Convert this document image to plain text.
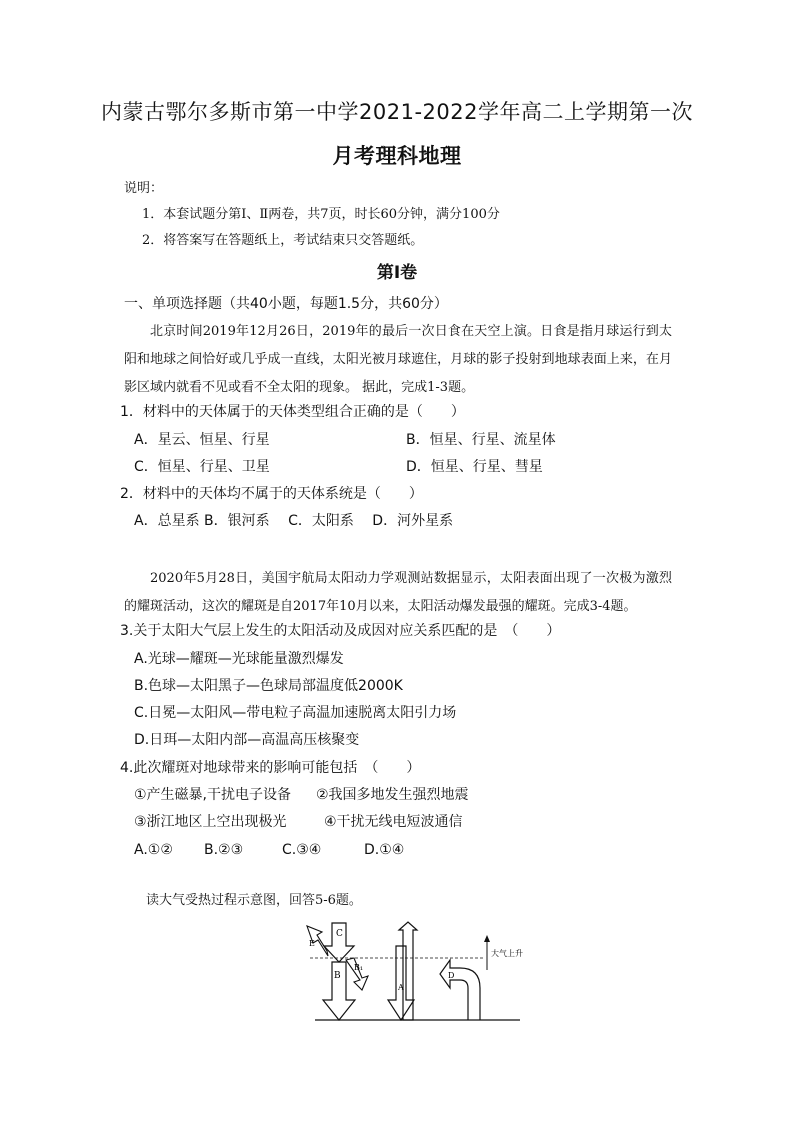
内蒙古鄂尔多斯市第一中学2021-2022学年高二上学期第一次
月考理科地理
说明：
1．本套试题分第Ⅰ、Ⅱ两卷，共7页，时长60分钟，满分100分
2．将答案写在答题纸上，考试结束只交答题纸。
第Ⅰ卷
一、单项选择题（共40小题，每题1.5分，共60分）
北京时间2019年12月26日，2019年的最后一次日食在天空上演。日食是指月球运行到太阳和地球之间恰好或几乎成一直线，太阳光被月球遮住，月球的影子投射到地球表面上来，在月影区域内就看不见或看不全太阳的现象。 据此，完成1-3题。
1．材料中的天体属于的天体类型组合正确的是（　　）
A．星云、恒星、行星	B．恒星、行星、流星体
C．恒星、行星、卫星	D．恒星、行星、彗星
2．材料中的天体均不属于的天体系统是（　　）
A．总星系 B．银河系　 C．太阳系　 D．河外星系
2020年5月28日，美国宇航局太阳动力学观测站数据显示，太阳表面出现了一次极为激烈的耀斑活动，这次的耀斑是自2017年10月以来，太阳活动爆发最强的耀斑。完成3-4题。
3.关于太阳大气层上发生的太阳活动及成因对应关系匹配的是　（　　）
A.光球—耀斑—光球能量激烈爆发
B.色球—太阳黑子—色球局部温度低2000K
C.日冕—太阳风—带电粒子高温加速脱离太阳引力场
D.日珥—太阳内部—高温高压核聚变
4.此次耀斑对地球带来的影响可能包括　（　　）
①产生磁暴,干扰电子设备 ②我国多地发生强烈地震
③浙江地区上空出现极光	④干扰无线电短波通信
A.①② B.②③	C.③④	D.①④
读大气受热过程示意图，回答5-6题。
C
B
B₁
E
A
D
大气上升
